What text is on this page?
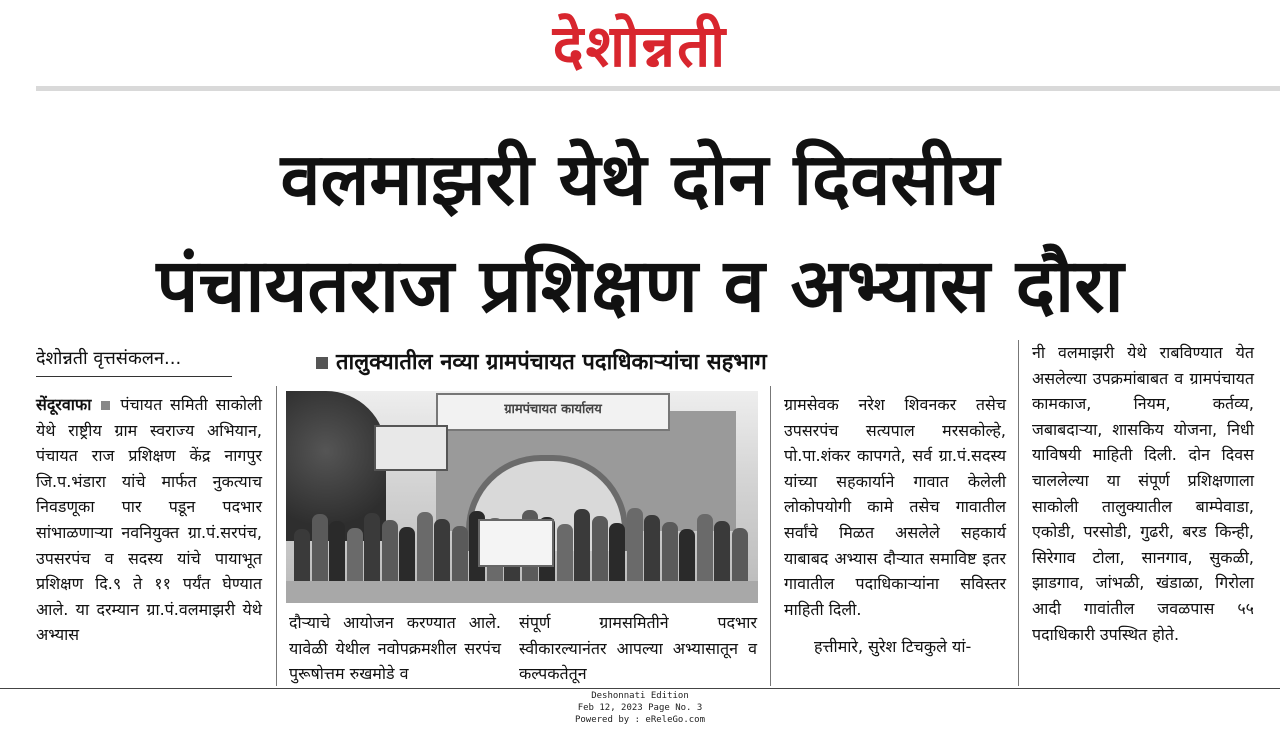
देशोन्नती
वलमाझरी येथे दोन दिवसीय
पंचायतराज प्रशिक्षण व अभ्यास दौरा
देशोन्नती वृत्तसंकलन...	तालुक्यातील नव्या ग्रामपंचायत पदाधिकाऱ्यांचा सहभाग
सेंदूरवाफा पंचायत समिती साकोली येथे राष्ट्रीय ग्राम स्वराज्य अभियान, पंचायत राज प्रशिक्षण केंद्र नागपुर जि.प.भंडारा यांचे मार्फत नुकत्याच निवडणूका पार पडून पदभार सांभाळणाऱ्या नवनियुक्त ग्रा.पं.सरपंच, उपसरपंच व सदस्य यांचे पायाभूत प्रशिक्षण दि.९ ते ११ पर्यंत घेण्यात आले. या दरम्यान ग्रा.पं.वलमाझरी येथे अभ्यास
ग्रामपंचायत कार्यालय
दौऱ्याचे आयोजन करण्यात आले. यावेळी येथील नवोपक्रमशील सरपंच पुरूषोत्तम रुखमोडे व
संपूर्ण ग्रामसमितीने पदभार स्वीकारल्यानंतर आपल्या अभ्यासातून व कल्पकतेतून
ग्रामसेवक नरेश शिवनकर तसेच उपसरपंच सत्यपाल मरसकोल्हे, पो.पा.शंकर कापगते, सर्व ग्रा.पं.सदस्य यांच्या सहकार्याने गावात केलेली लोकोपयोगी कामे तसेच गावातील सर्वांचे मिळत असलेले सहकार्य याबाबद अभ्यास दौऱ्यात समाविष्ट इतर गावातील पदाधिकाऱ्यांना सविस्तर माहिती दिली.
हत्तीमारे, सुरेश टिचकुले यां-
नी वलमाझरी येथे राबविण्यात येत असलेल्या उपक्रमांबाबत व ग्रामपंचायत कामकाज, नियम, कर्तव्य, जबाबदाऱ्या, शासकिय योजना, निधी याविषयी माहिती दिली. दोन दिवस चाललेल्या या संपूर्ण प्रशिक्षणाला साकोली तालुक्यातील बाम्पेवाडा, एकोडी, परसोडी, गुढरी, बरड किन्ही, सिरेगाव टोला, सानगाव, सुकळी, झाडगाव, जांभळी, खंडाळा, गिरोला आदी गावांतील जवळपास ५५ पदाधिकारी उपस्थित होते.
Deshonnati Edition
Feb 12, 2023 Page No. 3
Powered by : eReleGo.com
